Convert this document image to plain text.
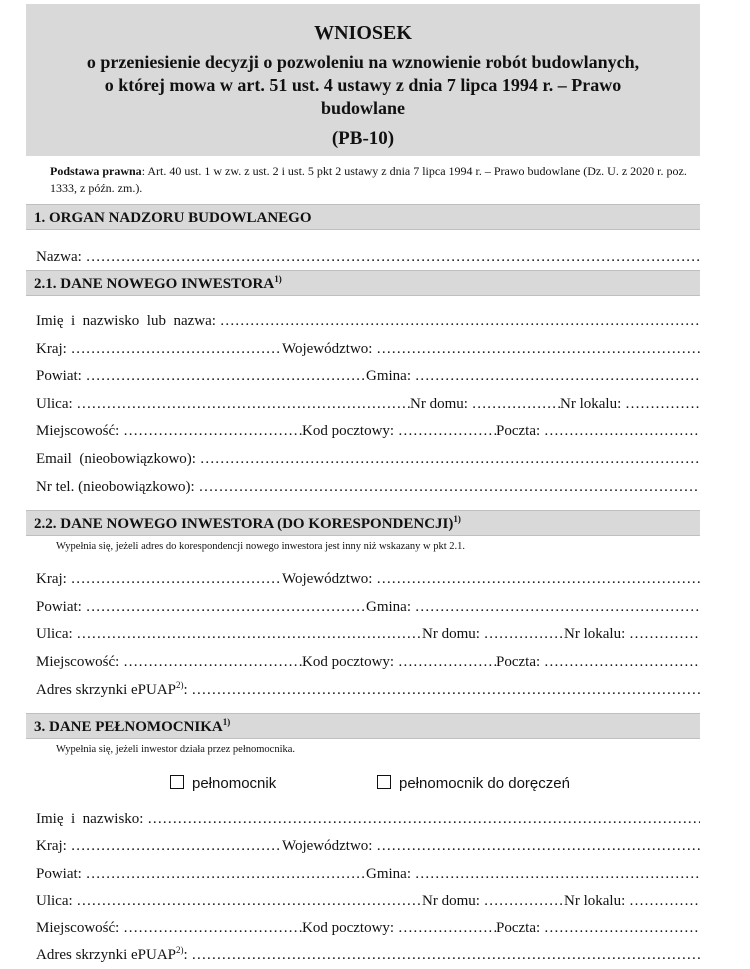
WNIOSEK
o przeniesienie decyzji o pozwoleniu na wznowienie robót budowlanych,
o której mowa w art. 51 ust. 4 ustawy z dnia 7 lipca 1994 r. – Prawo
budowlane
(PB-10)
Podstawa prawna: Art. 40 ust. 1 w zw. z ust. 2 i ust. 5 pkt 2 ustawy z dnia 7 lipca 1994 r. – Prawo budowlane (Dz. U. z 2020 r. poz. 1333, z późn. zm.).
1. ORGAN NADZORU BUDOWLANEGO
Nazwa:  ………………………………………………………………………………………………………………………………………………………
2.1. DANE NOWEGO INWESTORA$^{1)}$
Imię  i  nazwisko  lub  nazwa:  ………………………………………………………………………………………………………………………………………………………
Kraj: ………………………………………………………………………………………………………………………………………………………	Województwo:  ………………………………………………………………………………………………………………………………………………………
Powiat: ………………………………………………………………………………………………………………………………………………………	Gmina:  ………………………………………………………………………………………………………………………………………………………
Ulica: ………………………………………………………………………………………………………………………………………………………	Nr domu: ………………………………………………………………………………………………………………………………………………………	Nr lokalu:  ………………………………………………………………………………………………………………………………………………………
Miejscowość: ………………………………………………………………………………………………………………………………………………………	Kod pocztowy: ………………………………………………………………………………………………………………………………………………………	Poczta:  ………………………………………………………………………………………………………………………………………………………
Email  (nieobowiązkowo):  ………………………………………………………………………………………………………………………………………………………
Nr tel. (nieobowiązkowo):  ………………………………………………………………………………………………………………………………………………………
2.2. DANE NOWEGO INWESTORA (DO KORESPONDENCJI)$^{1)}$
Wypełnia się, jeżeli adres do korespondencji nowego inwestora jest inny niż wskazany w pkt 2.1.
Kraj: ………………………………………………………………………………………………………………………………………………………	Województwo:  ………………………………………………………………………………………………………………………………………………………
Powiat: ………………………………………………………………………………………………………………………………………………………	Gmina:  ………………………………………………………………………………………………………………………………………………………
Ulica: ………………………………………………………………………………………………………………………………………………………	Nr domu: ………………………………………………………………………………………………………………………………………………………	Nr lokalu:  ………………………………………………………………………………………………………………………………………………………
Miejscowość: ………………………………………………………………………………………………………………………………………………………	Kod pocztowy: ………………………………………………………………………………………………………………………………………………………	Poczta:  ………………………………………………………………………………………………………………………………………………………
Adres skrzynki ePUAP$^{2)}$:  ………………………………………………………………………………………………………………………………………………………
3. DANE PEŁNOMOCNIKA$^{1)}$
Wypełnia się, jeżeli inwestor działa przez pełnomocnika.
pełnomocnik	pełnomocnik do doręczeń
Imię  i  nazwisko:  ………………………………………………………………………………………………………………………………………………………
Kraj: ………………………………………………………………………………………………………………………………………………………	Województwo:  ………………………………………………………………………………………………………………………………………………………
Powiat: ………………………………………………………………………………………………………………………………………………………	Gmina:  ………………………………………………………………………………………………………………………………………………………
Ulica: ………………………………………………………………………………………………………………………………………………………	Nr domu: ………………………………………………………………………………………………………………………………………………………	Nr lokalu:  ………………………………………………………………………………………………………………………………………………………
Miejscowość: ………………………………………………………………………………………………………………………………………………………	Kod pocztowy: ………………………………………………………………………………………………………………………………………………………	Poczta:  ………………………………………………………………………………………………………………………………………………………
Adres skrzynki ePUAP$^{2)}$:  ………………………………………………………………………………………………………………………………………………………
